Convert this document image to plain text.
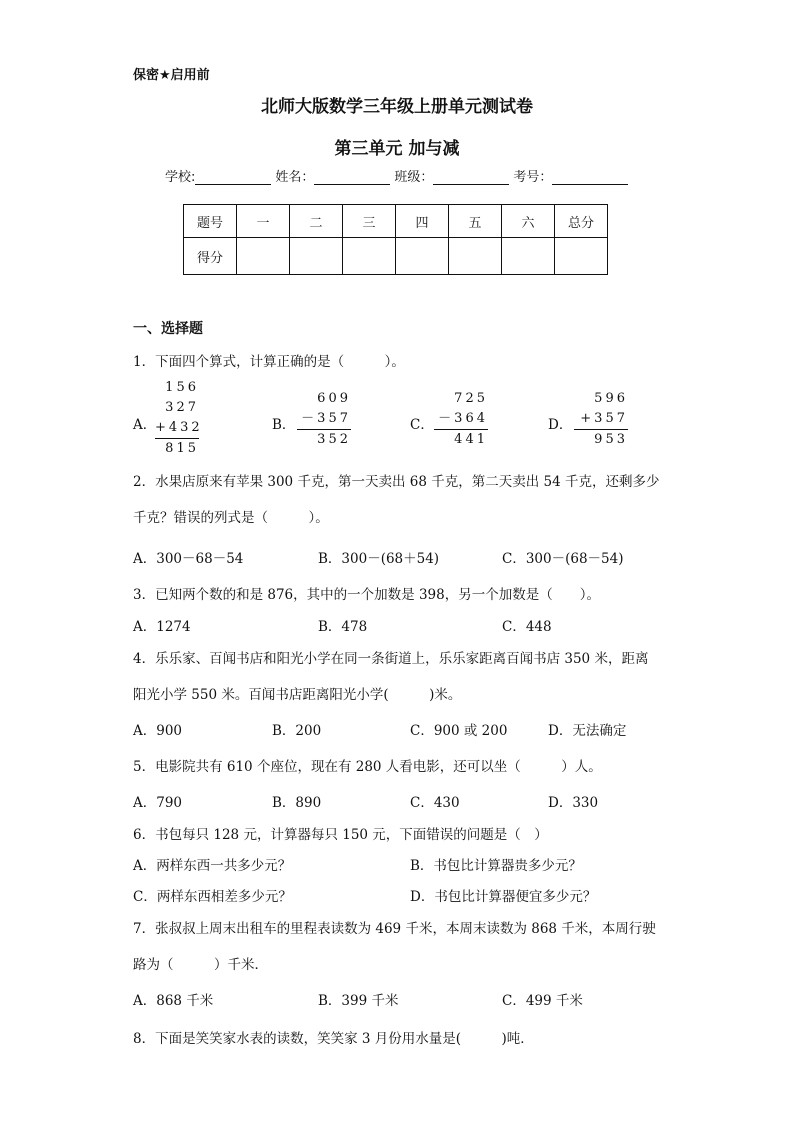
保密★启用前
北师大版数学三年级上册单元测试卷
第三单元 加与减
学校:	姓名：	班级：	考号：
题号	一	二	三	四	五	六	总分
得分							
一、选择题
1．下面四个算式，计算正确的是（　　　）。
A．
156
327
+432
815
B．
609
－357
352
C．
725
－364
441
D．
596
+357
953
2．水果店原来有苹果 300 千克，第一天卖出 68 千克，第二天卖出 54 千克，还剩多少
千克？错误的列式是（　　　）。
A．300－68－54	B．300－(68＋54)	C．300－(68－54)
3．已知两个数的和是 876，其中的一个加数是 398，另一个加数是（　　）。
A．1274	B．478	C．448
4．乐乐家、百闻书店和阳光小学在同一条街道上，乐乐家距离百闻书店 350 米，距离
阳光小学 550 米。百闻书店距离阳光小学(　　　)米。
A．900	B．200	C．900 或 200	D．无法确定
5．电影院共有 610 个座位，现在有 280 人看电影，还可以坐（　　　）人。
A．790	B．890	C．430	D．330
6．书包每只 128 元，计算器每只 150 元，下面错误的问题是（　）
A．两样东西一共多少元？	B．书包比计算器贵多少元？
C．两样东西相差多少元？	D．书包比计算器便宜多少元？
7．张叔叔上周末出租车的里程表读数为 469 千米，本周末读数为 868 千米，本周行驶
路为（　　　）千米．
A．868 千米	B．399 千米	C．499 千米
8．下面是笑笑家水表的读数，笑笑家 3 月份用水量是(　　　)吨．
